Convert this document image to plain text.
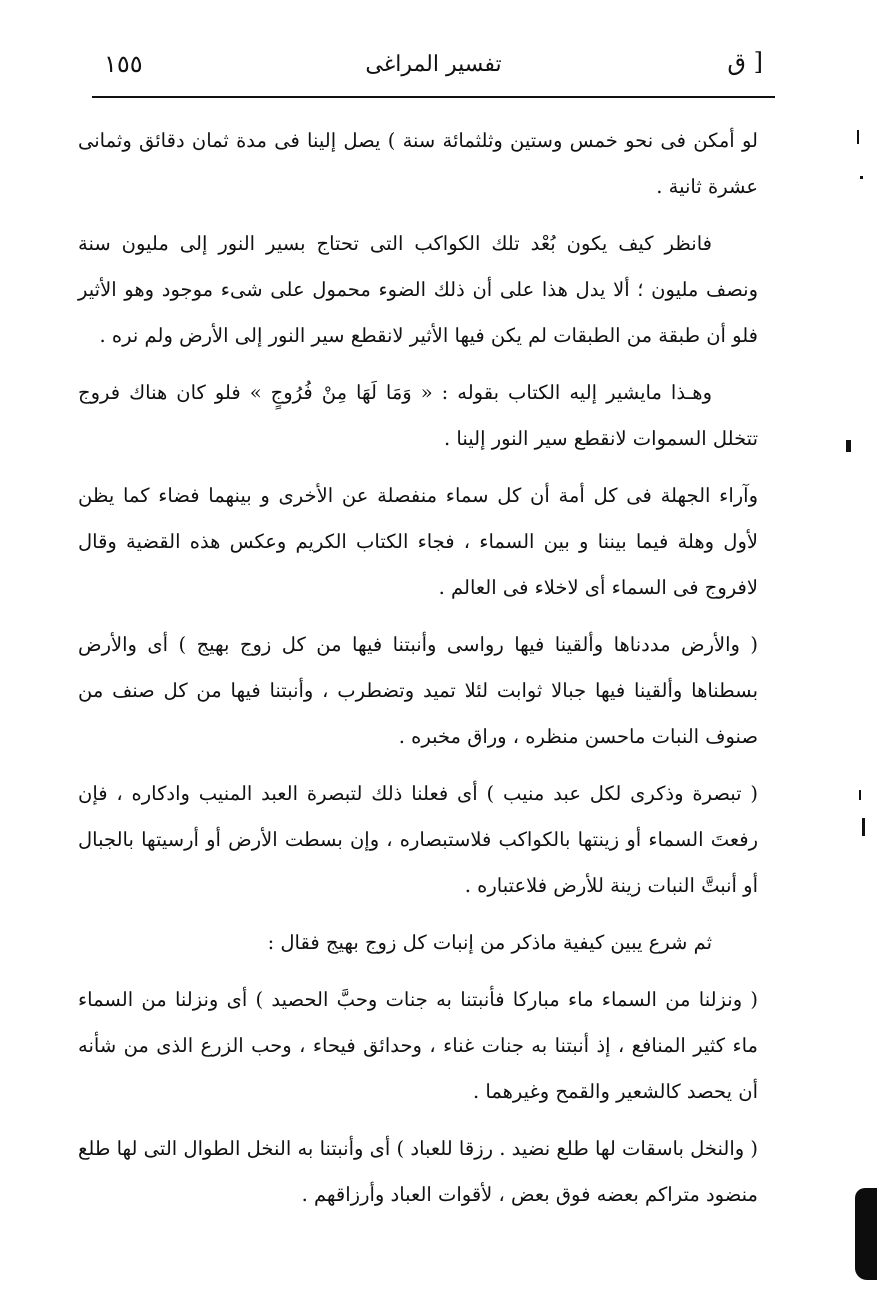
١٥٥	تفسير المراغى	ق ]

لو أمكن فى نحو خمس وستين وثلثمائة سنة ) يصل إلينا فى مدة ثمان دقائق وثمانى عشرة ثانية .

فانظر كيف يكون بُعْد تلك الكواكب التى تحتاج بسير النور إلى مليون سنة ونصف مليون ؛ ألا يدل هذا على أن ذلك الضوء محمول على شىء موجود وهو الأثير فلو أن طبقة من الطبقات لم يكن فيها الأثير لانقطع سير النور إلى الأرض ولم نره .

وهـذا مايشير إليه الكتاب بقوله : « وَمَا لَهَا مِنْ فُرُوجٍ » فلو كان هناك فروج تتخلل السموات لانقطع سير النور إلينا .

وآراء الجهلة فى كل أمة أن كل سماء منفصلة عن الأخرى و بينهما فضاء كما يظن لأول وهلة فيما بيننا و بين السماء ، فجاء الكتاب الكريم وعكس هذه القضية وقال لافروج فى السماء أى لاخلاء فى العالم .

( والأرض مددناها وألقينا فيها رواسى وأنبتنا فيها من كل زوج بهيج ) أى والأرض بسطناها وألقينا فيها جبالا ثوابت لئلا تميد وتضطرب ، وأنبتنا فيها من كل صنف من صنوف النبات ماحسن منظره ، وراق مخبره .

( تبصرة وذكرى لكل عبد منيب ) أى فعلنا ذلك لتبصرة العبد المنيب وادكاره ، فإن رفعتَ السماء أو زينتها بالكواكب فلاستبصاره ، وإن بسطت الأرض أو أرسيتها بالجبال أو أنبتَّ النبات زينة للأرض فلاعتباره .

ثم شرع يبين كيفية ماذكر من إنبات كل زوج بهيج فقال :

( ونزلنا من السماء ماء مباركا فأنبتنا به جنات وحبَّ الحصيد ) أى ونزلنا من السماء ماء كثير المنافع ، إذ أنبتنا به جنات غناء ، وحدائق فيحاء ، وحب الزرع الذى من شأنه أن يحصد كالشعير والقمح وغيرهما .

( والنخل باسقات لها طلع نضيد . رزقا للعباد ) أى وأنبتنا به النخل الطوال التى لها طلع منضود متراكم بعضه فوق بعض ، لأقوات العباد وأرزاقهم .
